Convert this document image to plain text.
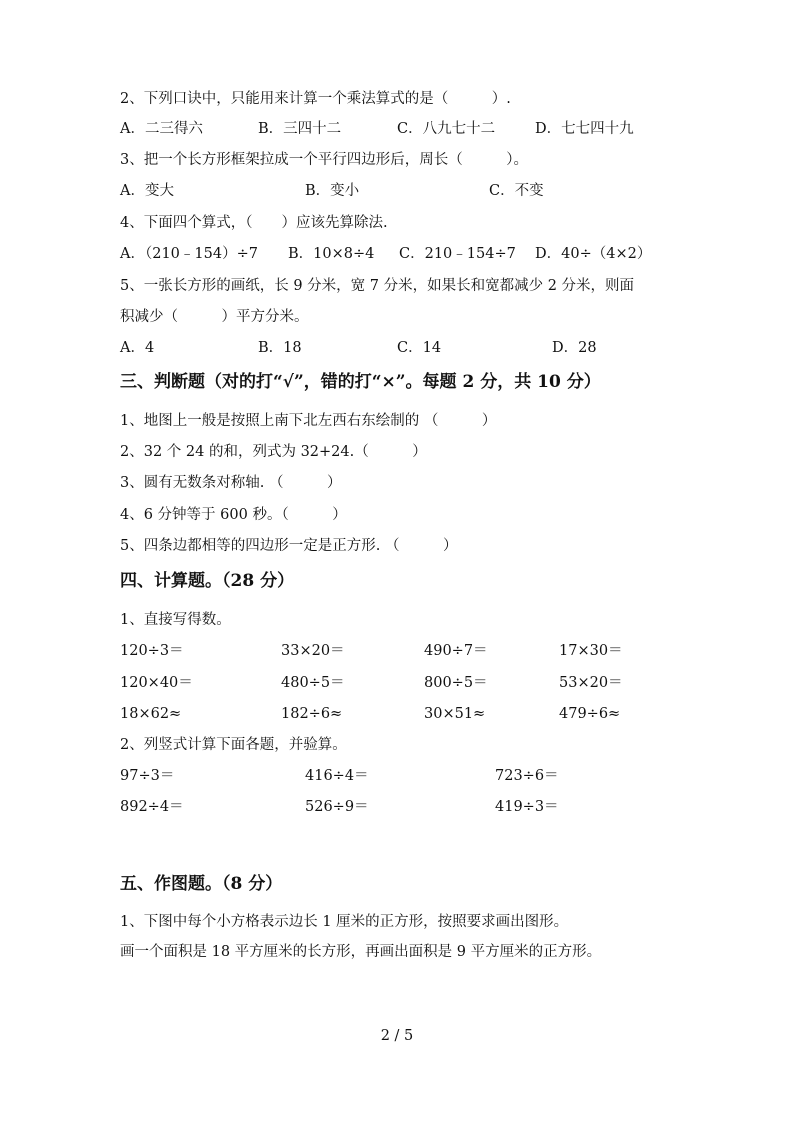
2、下列口诀中，只能用来计算一个乘法算式的是（　　　）.
A．二三得六	B．三四十二	C．八九七十二	D．七七四十九
3、把一个长方形框架拉成一个平行四边形后，周长（　　　）。
A．变大	B．变小	C．不变
4、下面四个算式，（　　）应该先算除法.
A．（210﹣154）÷7 B．10×8÷4 C．210﹣154÷7 D．40÷（4×2）
5、一张长方形的画纸，长 9 分米，宽 7 分米，如果长和宽都减少 2 分米，则面
积减少（　　　）平方分米。
A．4	B．18	C．14	D．28
三、判断题（对的打“√”，错的打“×”。每题 2 分，共 10 分）
1、地图上一般是按照上南下北左西右东绘制的 （　　　）
2、32 个 24 的和，列式为 32+24.（　　　）
3、圆有无数条对称轴. （　　　）
4、6 分钟等于 600 秒。（　　　）
5、四条边都相等的四边形一定是正方形. （　　　）
四、计算题。（28 分）
1、直接写得数。
120÷3＝	33×20＝	490÷7＝	17×30＝
120×40＝	480÷5＝	800÷5＝	53×20＝
18×62≈	182÷6≈	30×51≈	479÷6≈
2、列竖式计算下面各题，并验算。
97÷3＝	416÷4＝	723÷6＝
892÷4＝	526÷9＝	419÷3＝
五、作图题。（8 分）
1、下图中每个小方格表示边长 1 厘米的正方形，按照要求画出图形。
画一个面积是 18 平方厘米的长方形，再画出面积是 9 平方厘米的正方形。
2 / 5
